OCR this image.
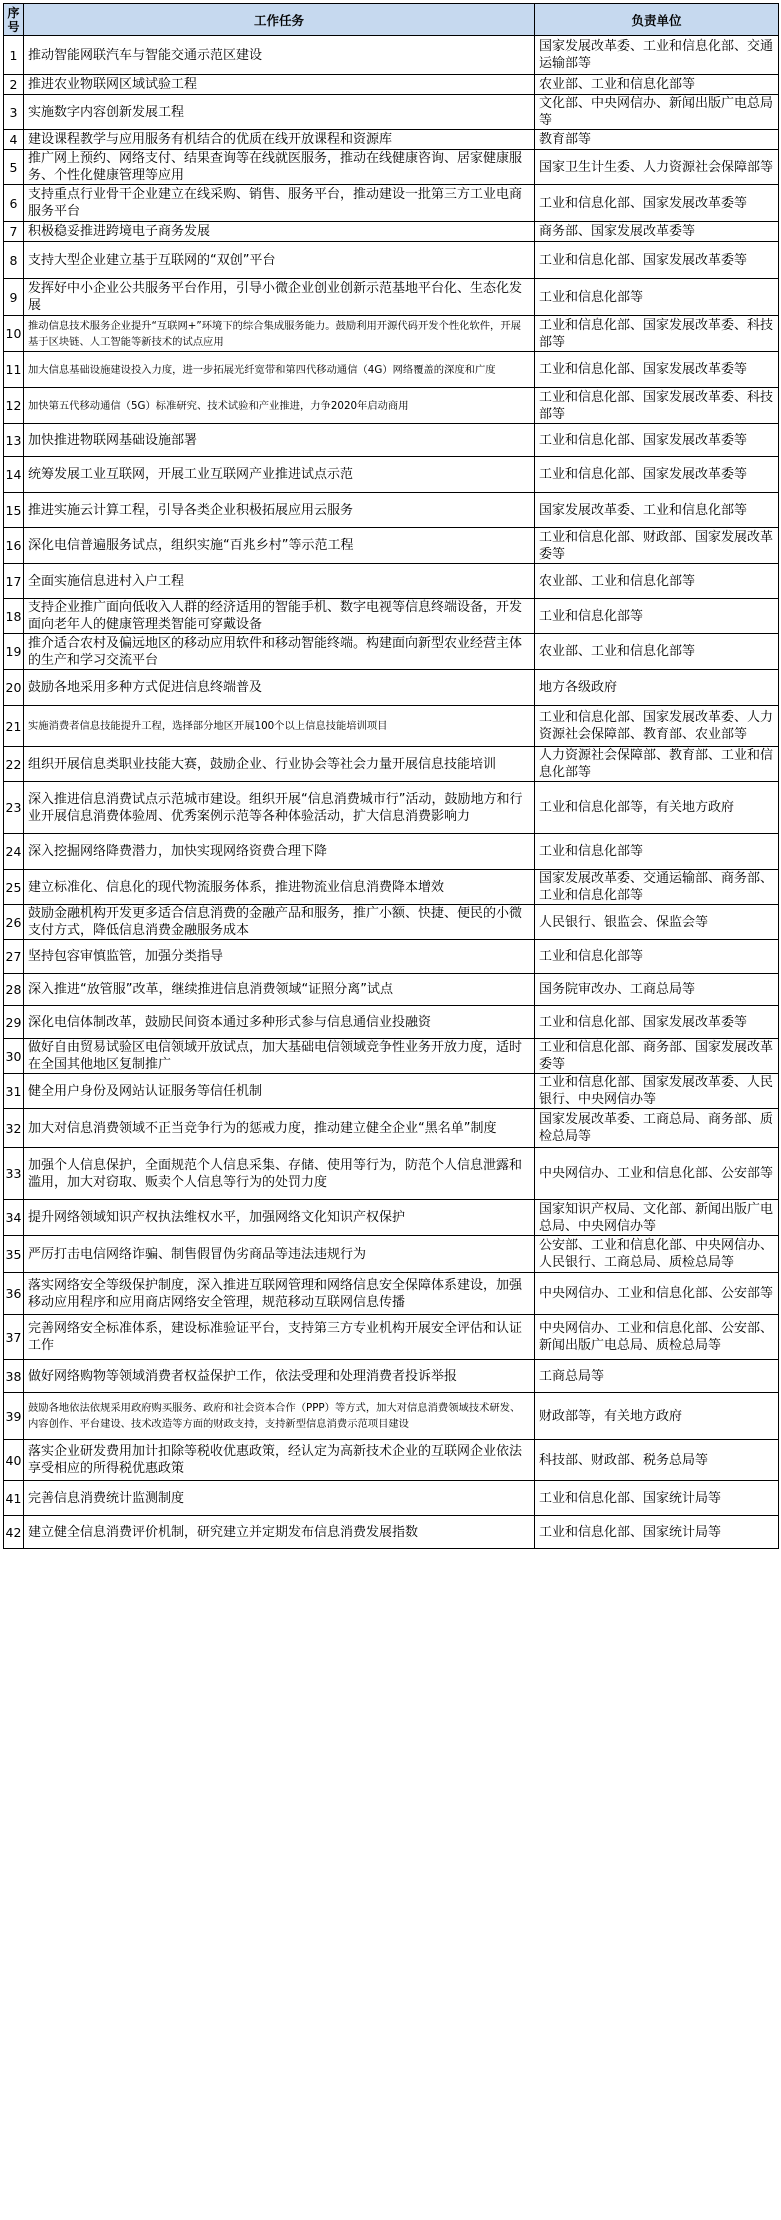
序号	工作任务	负责单位
1	推动智能网联汽车与智能交通示范区建设	国家发展改革委、工业和信息化部、交通运输部等
2	推进农业物联网区域试验工程	农业部、工业和信息化部等
3	实施数字内容创新发展工程	文化部、中央网信办、新闻出版广电总局等
4	建设课程教学与应用服务有机结合的优质在线开放课程和资源库	教育部等
5	推广网上预约、网络支付、结果查询等在线就医服务，推动在线健康咨询、居家健康服务、个性化健康管理等应用	国家卫生计生委、人力资源社会保障部等
6	支持重点行业骨干企业建立在线采购、销售、服务平台，推动建设一批第三方工业电商服务平台	工业和信息化部、国家发展改革委等
7	积极稳妥推进跨境电子商务发展	商务部、国家发展改革委等
8	支持大型企业建立基于互联网的“双创”平台	工业和信息化部、国家发展改革委等
9	发挥好中小企业公共服务平台作用，引导小微企业创业创新示范基地平台化、生态化发展	工业和信息化部等
10	推动信息技术服务企业提升“互联网+”环境下的综合集成服务能力。鼓励利用开源代码开发个性化软件，开展基于区块链、人工智能等新技术的试点应用	工业和信息化部、国家发展改革委、科技部等
11	加大信息基础设施建设投入力度，进一步拓展光纤宽带和第四代移动通信（4G）网络覆盖的深度和广度	工业和信息化部、国家发展改革委等
12	加快第五代移动通信（5G）标准研究、技术试验和产业推进，力争2020年启动商用	工业和信息化部、国家发展改革委、科技部等
13	加快推进物联网基础设施部署	工业和信息化部、国家发展改革委等
14	统筹发展工业互联网，开展工业互联网产业推进试点示范	工业和信息化部、国家发展改革委等
15	推进实施云计算工程，引导各类企业积极拓展应用云服务	国家发展改革委、工业和信息化部等
16	深化电信普遍服务试点，组织实施“百兆乡村”等示范工程	工业和信息化部、财政部、国家发展改革委等
17	全面实施信息进村入户工程	农业部、工业和信息化部等
18	支持企业推广面向低收入人群的经济适用的智能手机、数字电视等信息终端设备，开发面向老年人的健康管理类智能可穿戴设备	工业和信息化部等
19	推介适合农村及偏远地区的移动应用软件和移动智能终端。构建面向新型农业经营主体的生产和学习交流平台	农业部、工业和信息化部等
20	鼓励各地采用多种方式促进信息终端普及	地方各级政府
21	实施消费者信息技能提升工程，选择部分地区开展100个以上信息技能培训项目	工业和信息化部、国家发展改革委、人力资源社会保障部、教育部、农业部等
22	组织开展信息类职业技能大赛，鼓励企业、行业协会等社会力量开展信息技能培训	人力资源社会保障部、教育部、工业和信息化部等
23	深入推进信息消费试点示范城市建设。组织开展“信息消费城市行”活动，鼓励地方和行业开展信息消费体验周、优秀案例示范等各种体验活动，扩大信息消费影响力	工业和信息化部等，有关地方政府
24	深入挖掘网络降费潜力，加快实现网络资费合理下降	工业和信息化部等
25	建立标准化、信息化的现代物流服务体系，推进物流业信息消费降本增效	国家发展改革委、交通运输部、商务部、工业和信息化部等
26	鼓励金融机构开发更多适合信息消费的金融产品和服务，推广小额、快捷、便民的小微支付方式，降低信息消费金融服务成本	人民银行、银监会、保监会等
27	坚持包容审慎监管，加强分类指导	工业和信息化部等
28	深入推进“放管服”改革，继续推进信息消费领域“证照分离”试点	国务院审改办、工商总局等
29	深化电信体制改革，鼓励民间资本通过多种形式参与信息通信业投融资	工业和信息化部、国家发展改革委等
30	做好自由贸易试验区电信领域开放试点，加大基础电信领域竞争性业务开放力度，适时在全国其他地区复制推广	工业和信息化部、商务部、国家发展改革委等
31	健全用户身份及网站认证服务等信任机制	工业和信息化部、国家发展改革委、人民银行、中央网信办等
32	加大对信息消费领域不正当竞争行为的惩戒力度，推动建立健全企业“黑名单”制度	国家发展改革委、工商总局、商务部、质检总局等
33	加强个人信息保护，全面规范个人信息采集、存储、使用等行为，防范个人信息泄露和滥用，加大对窃取、贩卖个人信息等行为的处罚力度	中央网信办、工业和信息化部、公安部等
34	提升网络领域知识产权执法维权水平，加强网络文化知识产权保护	国家知识产权局、文化部、新闻出版广电总局、中央网信办等
35	严厉打击电信网络诈骗、制售假冒伪劣商品等违法违规行为	公安部、工业和信息化部、中央网信办、人民银行、工商总局、质检总局等
36	落实网络安全等级保护制度，深入推进互联网管理和网络信息安全保障体系建设，加强移动应用程序和应用商店网络安全管理，规范移动互联网信息传播	中央网信办、工业和信息化部、公安部等
37	完善网络安全标准体系，建设标准验证平台，支持第三方专业机构开展安全评估和认证工作	中央网信办、工业和信息化部、公安部、新闻出版广电总局、质检总局等
38	做好网络购物等领域消费者权益保护工作，依法受理和处理消费者投诉举报	工商总局等
39	鼓励各地依法依规采用政府购买服务、政府和社会资本合作（PPP）等方式，加大对信息消费领域技术研发、内容创作、平台建设、技术改造等方面的财政支持，支持新型信息消费示范项目建设	财政部等，有关地方政府
40	落实企业研发费用加计扣除等税收优惠政策，经认定为高新技术企业的互联网企业依法享受相应的所得税优惠政策	科技部、财政部、税务总局等
41	完善信息消费统计监测制度	工业和信息化部、国家统计局等
42	建立健全信息消费评价机制，研究建立并定期发布信息消费发展指数	工业和信息化部、国家统计局等
